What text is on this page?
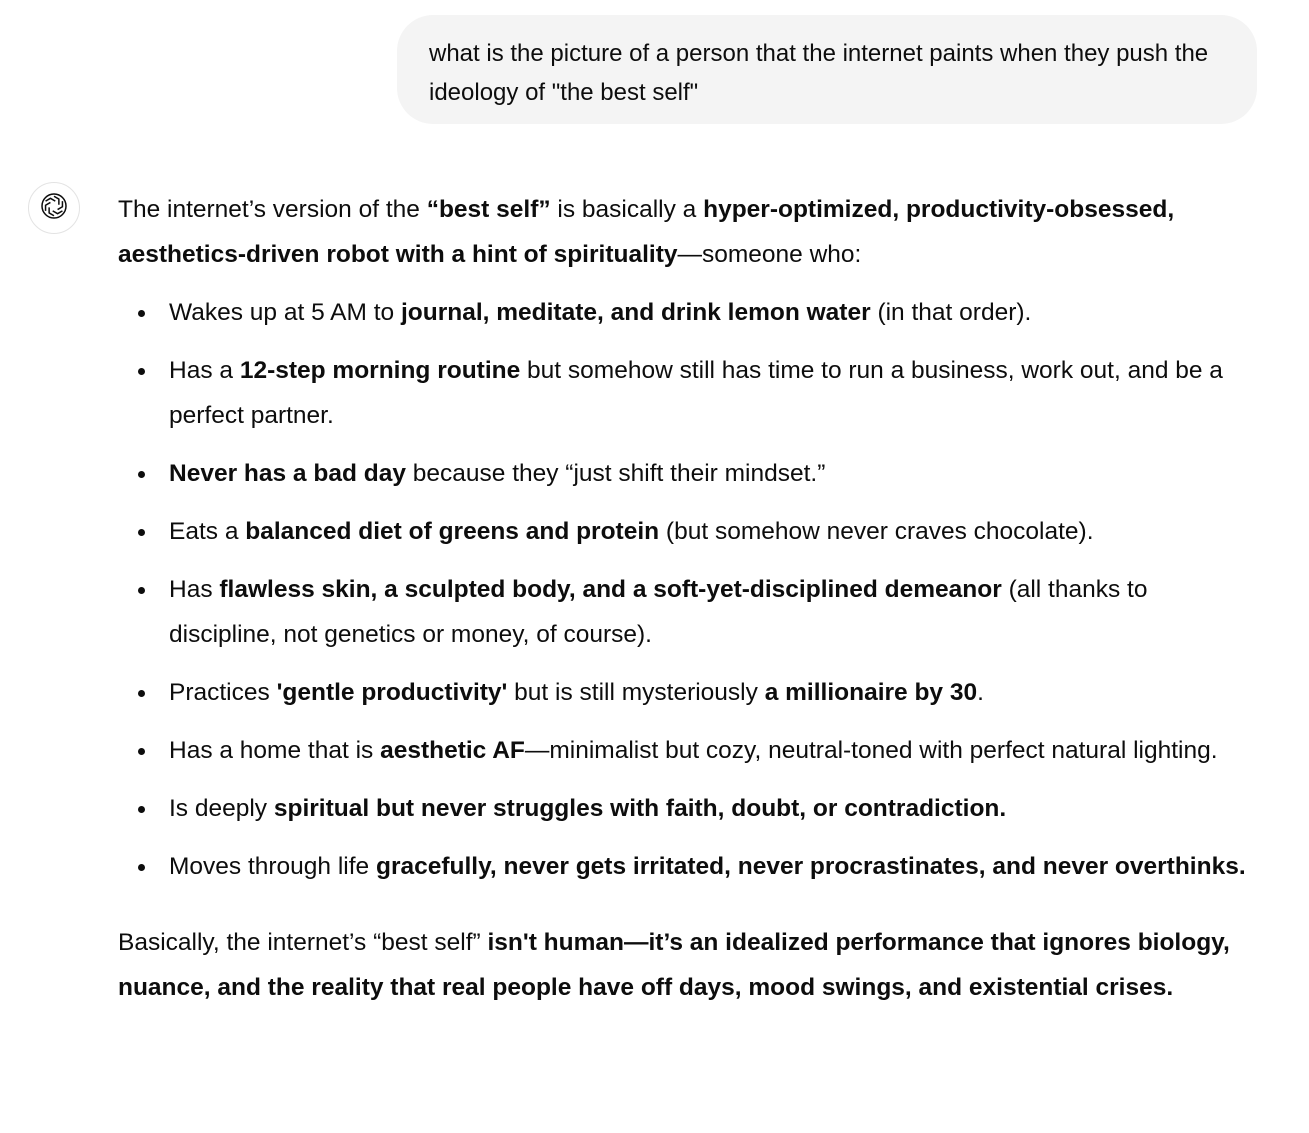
what is the picture of a person that the internet paints when they push the ideology of "the best self"

The internet’s version of the “best self” is basically a hyper-optimized, productivity-obsessed, aesthetics-driven robot with a hint of spirituality—someone who:

Wakes up at 5 AM to journal, meditate, and drink lemon water (in that order).
Has a 12-step morning routine but somehow still has time to run a business, work out, and be a perfect partner.
Never has a bad day because they “just shift their mindset.”
Eats a balanced diet of greens and protein (but somehow never craves chocolate).
Has flawless skin, a sculpted body, and a soft-yet-disciplined demeanor (all thanks to discipline, not genetics or money, of course).
Practices 'gentle productivity' but is still mysteriously a millionaire by 30.
Has a home that is aesthetic AF—minimalist but cozy, neutral-toned with perfect natural lighting.
Is deeply spiritual but never struggles with faith, doubt, or contradiction.
Moves through life gracefully, never gets irritated, never procrastinates, and never overthinks.

Basically, the internet’s “best self” isn't human—it’s an idealized performance that ignores biology, nuance, and the reality that real people have off days, mood swings, and existential crises.
